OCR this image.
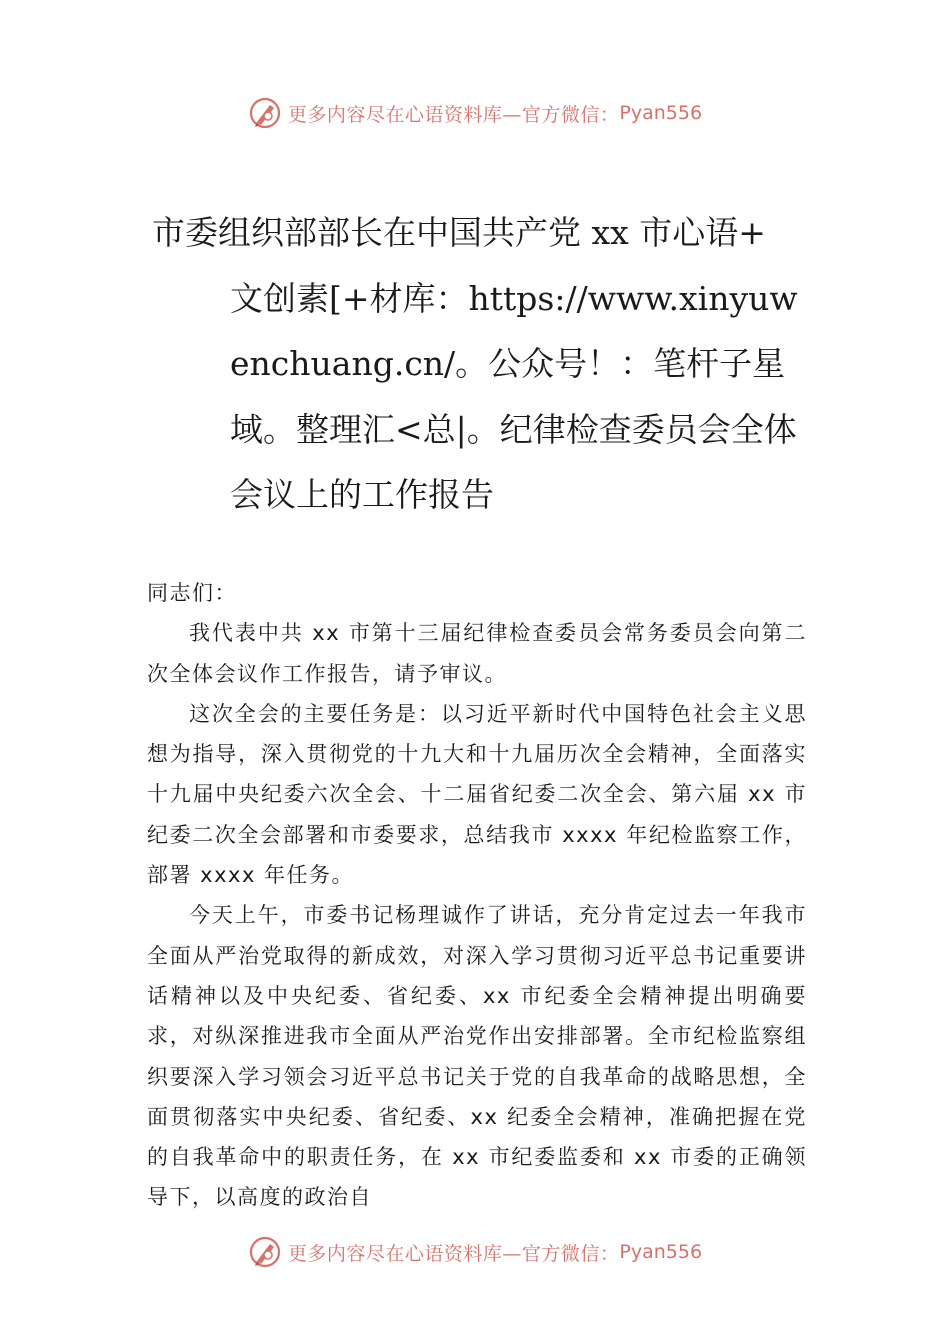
更多内容尽在心语资料库—官方微信： Pyan556
市委组织部部长在中国共产党 xx 市心语+
文创素[+材库：https://www.xinyuwenchuang.cn/。公众号！：笔杆子星域。整理汇<总|。纪律检查委员会全体会议上的工作报告

同志们：

我代表中共 xx 市第十三届纪律检查委员会常务委员会向第二次全体会议作工作报告，请予审议。

这次全会的主要任务是：以习近平新时代中国特色社会主义思想为指导，深入贯彻党的十九大和十九届历次全会精神，全面落实十九届中央纪委六次全会、十二届省纪委二次全会、第六届 xx 市纪委二次全会部署和市委要求，总结我市 xxxx 年纪检监察工作，部署 xxxx 年任务。

今天上午，市委书记杨理诚作了讲话，充分肯定过去一年我市全面从严治党取得的新成效，对深入学习贯彻习近平总书记重要讲话精神以及中央纪委、省纪委、xx 市纪委全会精神提出明确要求，对纵深推进我市全面从严治党作出安排部署。全市纪检监察组织要深入学习领会习近平总书记关于党的自我革命的战略思想，全面贯彻落实中央纪委、省纪委、xx 纪委全会精神，准确把握在党的自我革命中的职责任务，在 xx 市纪委监委和 xx 市委的正确领导下，以高度的政治自

更多内容尽在心语资料库—官方微信： Pyan556
